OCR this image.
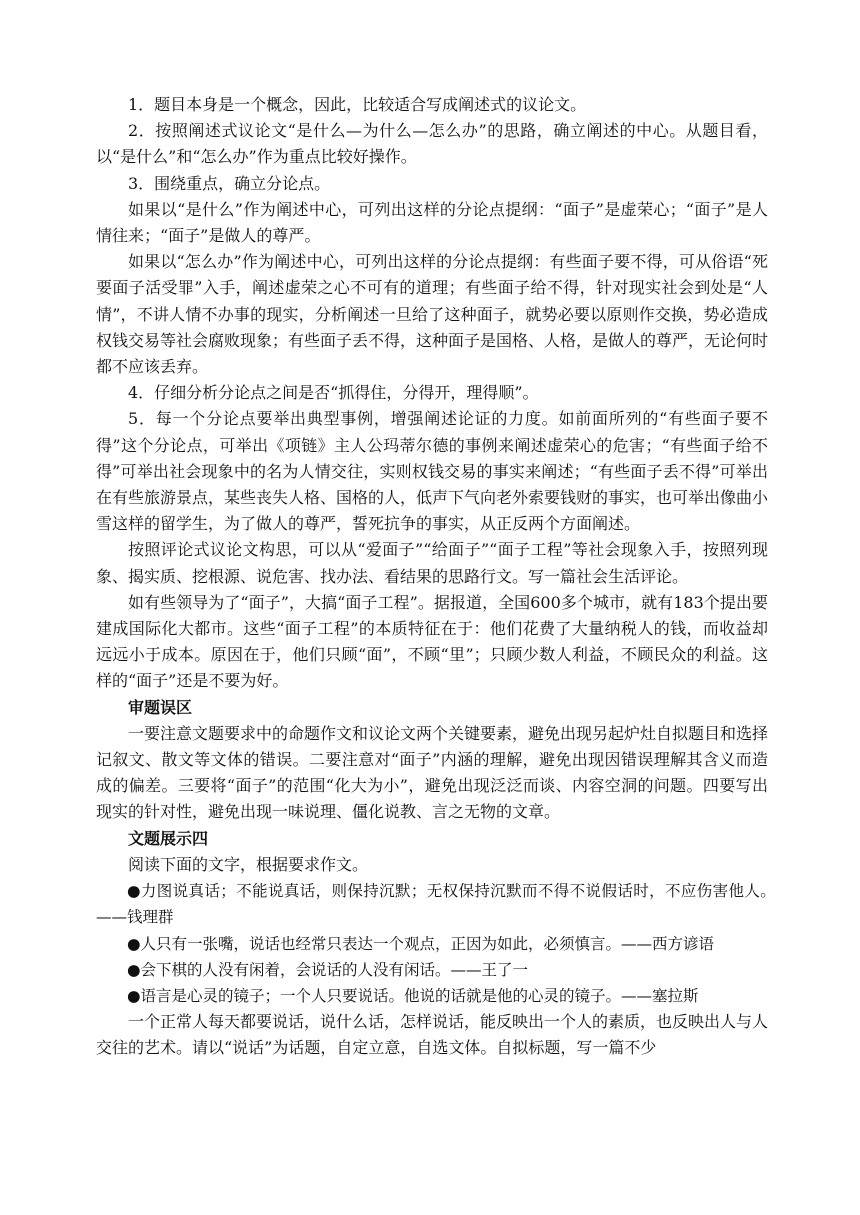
1．题目本身是一个概念，因此，比较适合写成阐述式的议论文。

2．按照阐述式议论文“是什么—为什么—怎么办”的思路，确立阐述的中心。从题目看，以“是什么”和“怎么办”作为重点比较好操作。

3．围绕重点，确立分论点。

如果以“是什么”作为阐述中心，可列出这样的分论点提纲：“面子”是虚荣心；“面子”是人情往来；“面子”是做人的尊严。

如果以“怎么办”作为阐述中心，可列出这样的分论点提纲：有些面子要不得，可从俗语“死要面子活受罪”入手，阐述虚荣之心不可有的道理；有些面子给不得，针对现实社会到处是“人情”，不讲人情不办事的现实，分析阐述一旦给了这种面子，就势必要以原则作交换，势必造成权钱交易等社会腐败现象；有些面子丢不得，这种面子是国格、人格，是做人的尊严，无论何时都不应该丢弃。

4．仔细分析分论点之间是否“抓得住，分得开，理得顺”。

5．每一个分论点要举出典型事例，增强阐述论证的力度。如前面所列的“有些面子要不得”这个分论点，可举出《项链》主人公玛蒂尔德的事例来阐述虚荣心的危害；“有些面子给不得”可举出社会现象中的名为人情交往，实则权钱交易的事实来阐述；“有些面子丢不得”可举出在有些旅游景点，某些丧失人格、国格的人，低声下气向老外索要钱财的事实，也可举出像曲小雪这样的留学生，为了做人的尊严，誓死抗争的事实，从正反两个方面阐述。

按照评论式议论文构思，可以从“爱面子”“给面子”“面子工程”等社会现象入手，按照列现象、揭实质、挖根源、说危害、找办法、看结果的思路行文。写一篇社会生活评论。

如有些领导为了“面子”，大搞“面子工程”。据报道，全国600多个城市，就有183个提出要建成国际化大都市。这些“面子工程”的本质特征在于：他们花费了大量纳税人的钱，而收益却远远小于成本。原因在于，他们只顾“面”，不顾“里”；只顾少数人利益，不顾民众的利益。这样的“面子”还是不要为好。

审题误区

一要注意文题要求中的命题作文和议论文两个关键要素，避免出现另起炉灶自拟题目和选择记叙文、散文等文体的错误。二要注意对“面子”内涵的理解，避免出现因错误理解其含义而造成的偏差。三要将“面子”的范围“化大为小”，避免出现泛泛而谈、内容空洞的问题。四要写出现实的针对性，避免出现一味说理、僵化说教、言之无物的文章。

文题展示四

阅读下面的文字，根据要求作文。

●力图说真话；不能说真话，则保持沉默；无权保持沉默而不得不说假话时，不应伤害他人。　——钱理群

●人只有一张嘴，说话也经常只表达一个观点，正因为如此，必须慎言。——西方谚语

●会下棋的人没有闲着，会说话的人没有闲话。——王了一

●语言是心灵的镜子；一个人只要说话。他说的话就是他的心灵的镜子。——塞拉斯

一个正常人每天都要说话，说什么话，怎样说话，能反映出一个人的素质，也反映出人与人交往的艺术。请以“说话”为话题，自定立意，自选文体。自拟标题，写一篇不少
